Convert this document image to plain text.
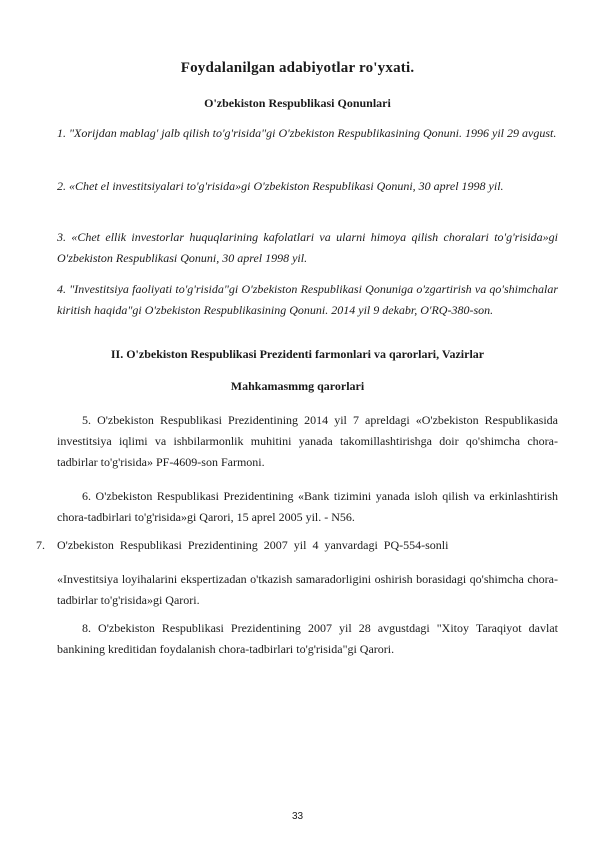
Foydalanilgan adabiyotlar ro'yxati.
O'zbekiston Respublikasi Qonunlari
1. "Xorijdan mablag' jalb qilish to'g'risida"gi O'zbekiston Respublikasining Qonuni. 1996 yil 29 avgust.
2. «Chet el investitsiyalari to'g'risida»gi O'zbekiston Respublikasi Qonuni, 30 aprel 1998 yil.
3. «Chet ellik investorlar huquqlarining kafolatlari va ularni himoya qilish choralari to'g'risida»gi O'zbekiston Respublikasi Qonuni, 30 aprel 1998 yil.
4. "Investitsiya faoliyati to'g'risida"gi O'zbekiston Respublikasi Qonuniga o'zgartirish va qo'shimchalar kiritish haqida"gi O'zbekiston Respublikasining Qonuni. 2014 yil 9 dekabr, O'RQ-380-son.
II. O'zbekiston Respublikasi Prezidenti farmonlari va qarorlari, Vazirlar
Mahkamasmmg qarorlari
5. O'zbekiston Respublikasi Prezidentining 2014 yil 7 apreldagi «O'zbekiston Respublikasida investitsiya iqlimi va ishbilarmonlik muhitini yanada takomillashtirishga doir qo'shimcha chora-tadbirlar to'g'risida» PF-4609-son Farmoni.
6. O'zbekiston Respublikasi Prezidentining «Bank tizimini yanada isloh qilish va erkinlashtirish chora-tadbirlari to'g'risida»gi Qarori, 15 aprel 2005 yil. - N56.
7. O'zbekiston Respublikasi Prezidentining 2007 yil 4 yanvardagi PQ-554-sonli
«Investitsiya loyihalarini ekspertizadan o'tkazish samaradorligini oshirish borasidagi qo'shimcha chora-tadbirlar to'g'risida»gi Qarori.
8. O'zbekiston Respublikasi Prezidentining 2007 yil 28 avgustdagi "Xitoy Taraqiyot davlat bankining kreditidan foydalanish chora-tadbirlari to'g'risida"gi Qarori.
33
